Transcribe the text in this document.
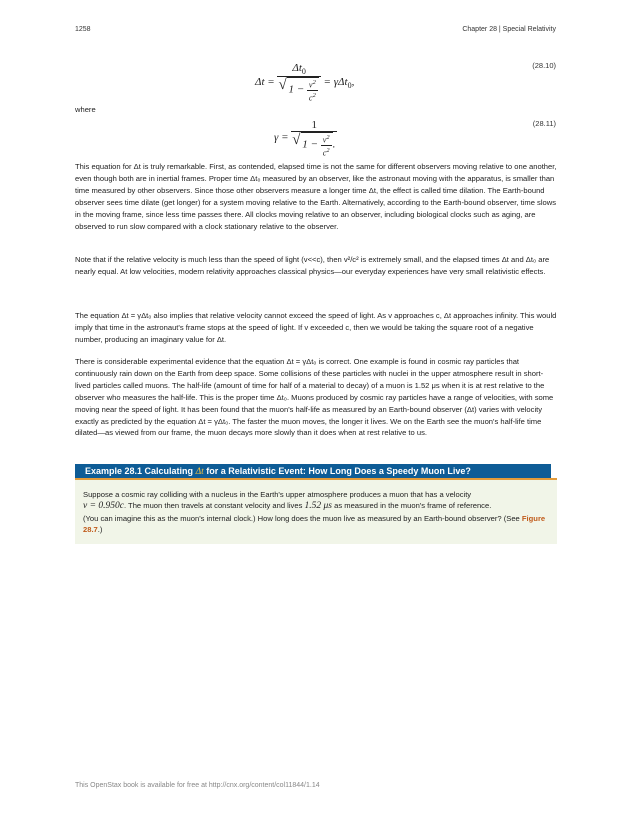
1258	Chapter 28 | Special Relativity
$\Delta t = \Delta t_0$
√ $1 - \frac{v^2}{c^2} = \gamma\Delta t_0$,
(28.10)
where
γ = 1
√ $1 - \frac{v^2}{c^2}$ .	(28.11)

This equation for Δt is truly remarkable. First, as contended, elapsed time is not the same for different observers moving relative to one another, even though both are in inertial frames. Proper time Δt₀ measured by an observer, like the astronaut moving with the apparatus, is smaller than time measured by other observers. Since those other observers measure a longer time Δt, the effect is called time dilation. The Earth-bound observer sees time dilate (get longer) for a system moving relative to the Earth. Alternatively, according to the Earth-bound observer, time slows in the moving frame, since less time passes there. All clocks moving relative to an observer, including biological clocks such as aging, are observed to run slow compared with a clock stationary relative to the observer.

Note that if the relative velocity is much less than the speed of light (v<<c), then v²/c² is extremely small, and the elapsed times Δt and Δt₀ are nearly equal. At low velocities, modern relativity approaches classical physics—our everyday experiences have very small relativistic effects.

The equation Δt = γΔt₀ also implies that relative velocity cannot exceed the speed of light. As v approaches c, Δt approaches infinity. This would imply that time in the astronaut's frame stops at the speed of light. If v exceeded c, then we would be taking the square root of a negative number, producing an imaginary value for Δt.

There is considerable experimental evidence that the equation Δt = γΔt₀ is correct. One example is found in cosmic ray particles that continuously rain down on the Earth from deep space. Some collisions of these particles with nuclei in the upper atmosphere result in short-lived particles called muons. The half-life (amount of time for half of a material to decay) of a muon is 1.52 μs when it is at rest relative to the observer who measures the half-life. This is the proper time Δt₀. Muons produced by cosmic ray particles have a range of velocities, with some moving near the speed of light. It has been found that the muon's half-life as measured by an Earth-bound observer (Δt) varies with velocity exactly as predicted by the equation Δt = γΔt₀. The faster the muon moves, the longer it lives. We on the Earth see the muon's half-life time dilated—as viewed from our frame, the muon decays more slowly than it does when at rest relative to us.

Example 28.1 Calculating Δt for a Relativistic Event: How Long Does a Speedy Muon Live?
Suppose a cosmic ray colliding with a nucleus in the Earth's upper atmosphere produces a muon that has a velocity
v = 0.950c. The muon then travels at constant velocity and lives 1.52 μs as measured in the muon's frame of reference.
(You can imagine this as the muon's internal clock.) How long does the muon live as measured by an Earth-bound observer? (See Figure 28.7.)
This OpenStax book is available for free at http://cnx.org/content/col11844/1.14
